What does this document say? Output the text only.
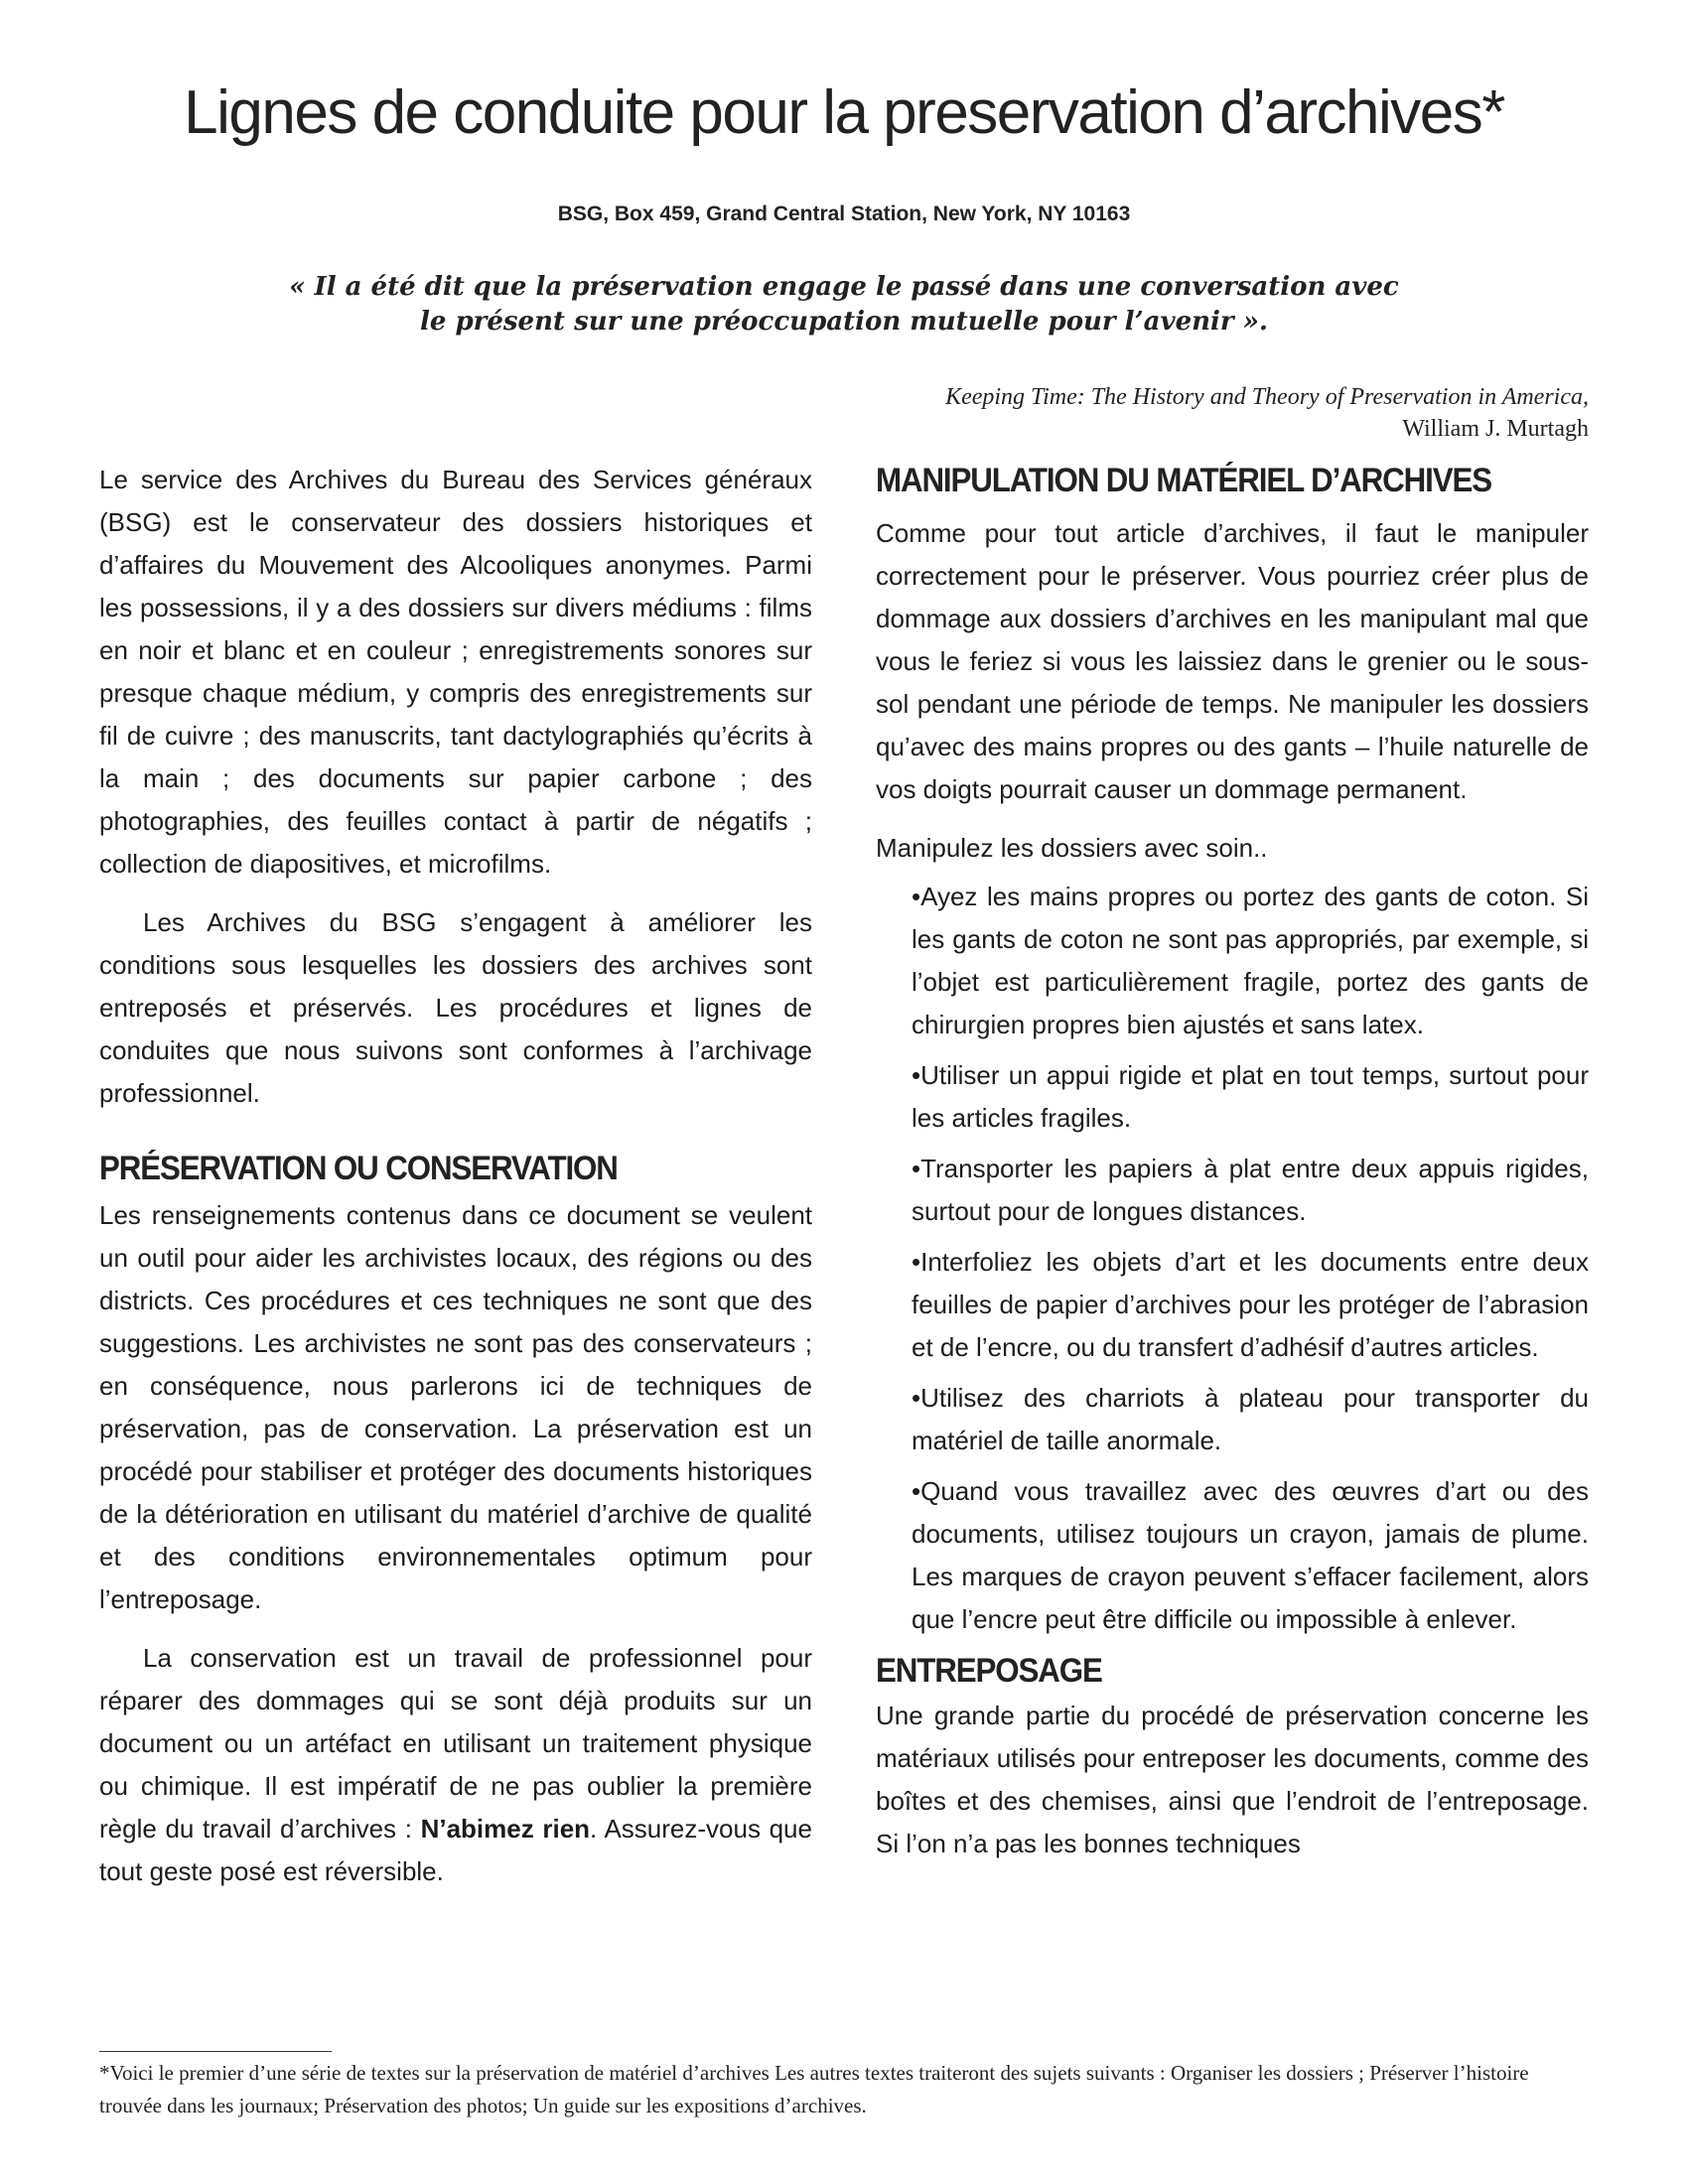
Lignes de conduite pour la preservation d’archives*
BSG, Box 459, Grand Central Station, New York, NY 10163
« Il a été dit que la préservation engage le passé dans une conversation avec
le présent sur une préoccupation mutuelle pour l’avenir ».
Keeping Time: The History and Theory of Preservation in America,
William J. Murtagh

Le service des Archives du Bureau des Services généraux (BSG) est le conservateur des dossiers historiques et d’affaires du Mouvement des Alcooliques anonymes. Parmi les possessions, il y a des dossiers sur divers médiums : films en noir et blanc et en couleur ; enregistrements sonores sur presque chaque médium, y compris des enregistrements sur fil de cuivre ; des manuscrits, tant dactylographiés qu’écrits à la main ; des documents sur papier carbone ; des photographies, des feuilles contact à partir de négatifs ; collection de diapositives, et microfilms.

Les Archives du BSG s’engagent à améliorer les conditions sous lesquelles les dossiers des archives sont entreposés et préservés. Les procédures et lignes de conduites que nous suivons sont conformes à l’archivage professionnel.

PRÉSERVATION OU CONSERVATION

Les renseignements contenus dans ce document se veulent un outil pour aider les archivistes locaux, des régions ou des districts. Ces procédures et ces techniques ne sont que des suggestions. Les archivistes ne sont pas des conservateurs ; en conséquence, nous parlerons ici de techniques de préservation, pas de conservation. La préservation est un procédé pour stabiliser et protéger des documents historiques de la détérioration en utilisant du matériel d’archive de qualité et des conditions environnementales optimum pour l’entreposage.

La conservation est un travail de professionnel pour réparer des dommages qui se sont déjà produits sur un document ou un artéfact en utilisant un traitement physique ou chimique. Il est impératif de ne pas oublier la première règle du travail d’archives : N’abimez rien. Assurez-vous que tout geste posé est réversible.

MANIPULATION DU MATÉRIEL D’ARCHIVES

Comme pour tout article d’archives, il faut le manipuler correctement pour le préserver. Vous pourriez créer plus de dommage aux dossiers d’archives en les manipulant mal que vous le feriez si vous les laissiez dans le grenier ou le sous-sol pendant une période de temps. Ne manipuler les dossiers qu’avec des mains propres ou des gants – l’huile naturelle de vos doigts pourrait causer un dommage permanent.

Manipulez les dossiers avec soin..

•Ayez les mains propres ou portez des gants de coton. Si les gants de coton ne sont pas appropriés, par exemple, si l’objet est particulièrement fragile, portez des gants de chirurgien propres bien ajustés et sans latex.

•Utiliser un appui rigide et plat en tout temps, surtout pour les articles fragiles.

•Transporter les papiers à plat entre deux appuis rigides, surtout pour de longues distances.

•Interfoliez les objets d’art et les documents entre deux feuilles de papier d’archives pour les protéger de l’abrasion et de l’encre, ou du transfert d’adhésif d’autres articles.

•Utilisez des charriots à plateau pour transporter du matériel de taille anormale.

•Quand vous travaillez avec des œuvres d’art ou des documents, utilisez toujours un crayon, jamais de plume. Les marques de crayon peuvent s’effacer facilement, alors que l’encre peut être difficile ou impossible à enlever.

ENTREPOSAGE

Une grande partie du procédé de préservation concerne les matériaux utilisés pour entreposer les documents, comme des boîtes et des chemises, ainsi que l’endroit de l’entreposage. Si l’on n’a pas les bonnes techniques

*Voici le premier d’une série de textes sur la préservation de matériel d’archives Les autres textes traiteront des sujets suivants : Organiser les dossiers ; Préserver l’histoire trouvée dans les journaux; Préservation des photos; Un guide sur les expositions d’archives.
